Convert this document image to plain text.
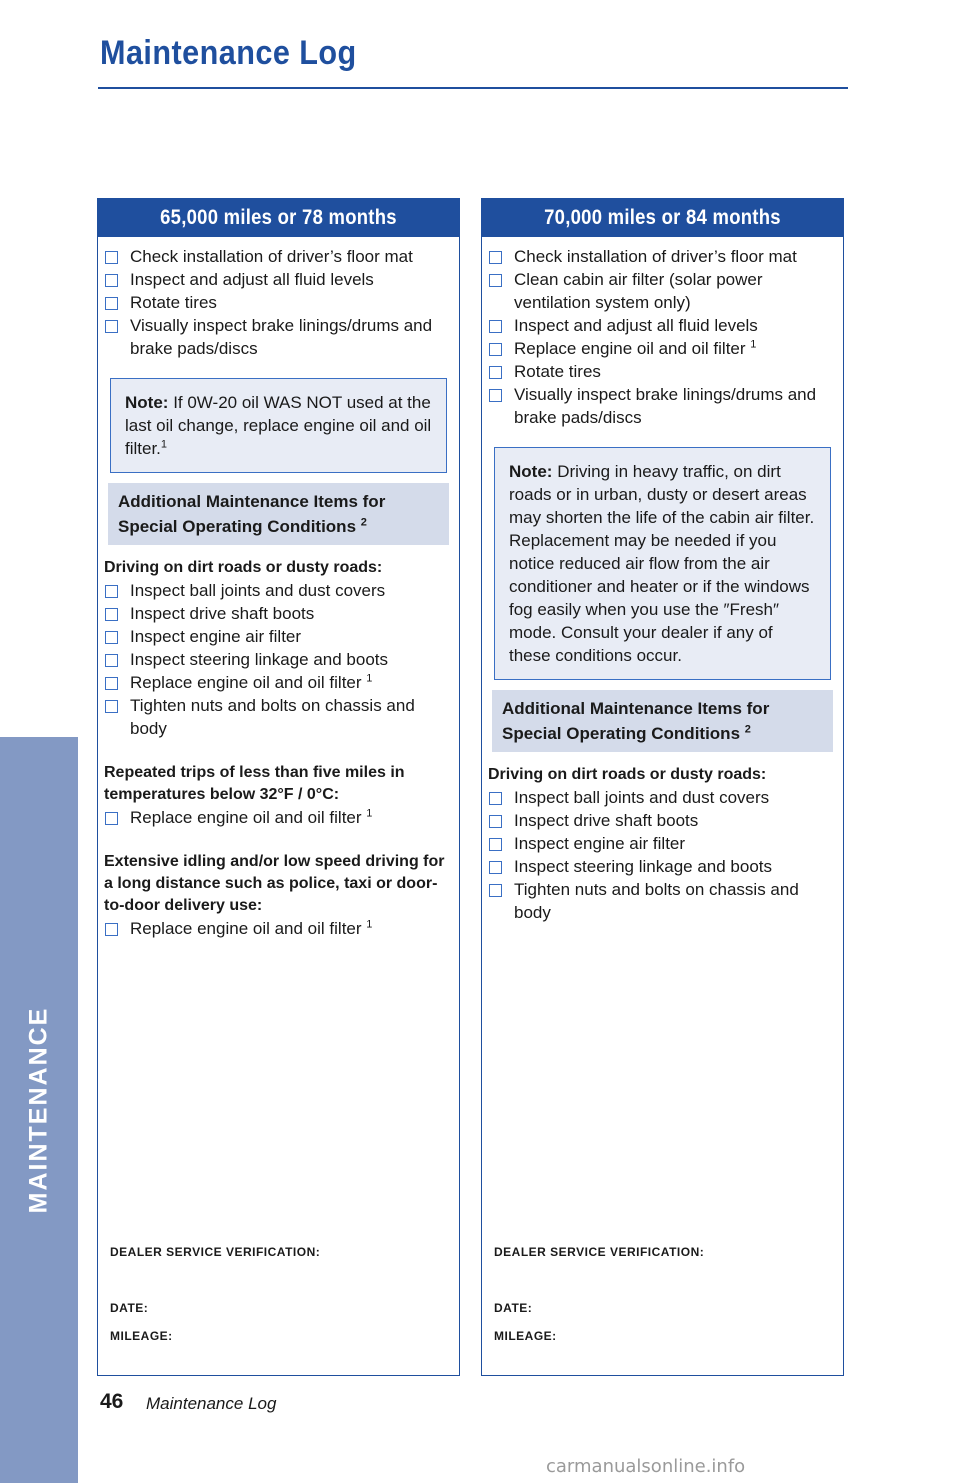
Maintenance Log
MAINTENANCE
65,000 miles or 78 months
Check installation of driver’s floor mat
Inspect and adjust all fluid levels
Rotate tires
Visually inspect brake linings/drums and brake pads/discs
Note: If 0W-20 oil WAS NOT used at the last oil change, replace engine oil and oil filter.$^1$
Additional Maintenance Items for Special Operating Conditions $^2$
Driving on dirt roads or dusty roads:
Inspect ball joints and dust covers
Inspect drive shaft boots
Inspect engine air filter
Inspect steering linkage and boots
Replace engine oil and oil filter $^1$
Tighten nuts and bolts on chassis and body
Repeated trips of less than five miles in temperatures below 32°F / 0°C:
Replace engine oil and oil filter $^1$
Extensive idling and/or low speed driving for a long distance such as police, taxi or door-to-door delivery use:
Replace engine oil and oil filter $^1$
DEALER SERVICE VERIFICATION:
DATE:
MILEAGE:
70,000 miles or 84 months
Check installation of driver’s floor mat
Clean cabin air filter (solar power ventilation system only)
Inspect and adjust all fluid levels
Replace engine oil and oil filter $^1$
Rotate tires
Visually inspect brake linings/drums and brake pads/discs
Note: Driving in heavy traffic, on dirt roads or in urban, dusty or desert areas may shorten the life of the cabin air filter. Replacement may be needed if you notice reduced air flow from the air conditioner and heater or if the windows fog easily when you use the ″Fresh″ mode. Consult your dealer if any of these conditions occur.
Additional Maintenance Items for Special Operating Conditions $^2$
Driving on dirt roads or dusty roads:
Inspect ball joints and dust covers
Inspect drive shaft boots
Inspect engine air filter
Inspect steering linkage and boots
Tighten nuts and bolts on chassis and body
DEALER SERVICE VERIFICATION:
DATE:
MILEAGE:
46 Maintenance Log
carmanualsonline.info
